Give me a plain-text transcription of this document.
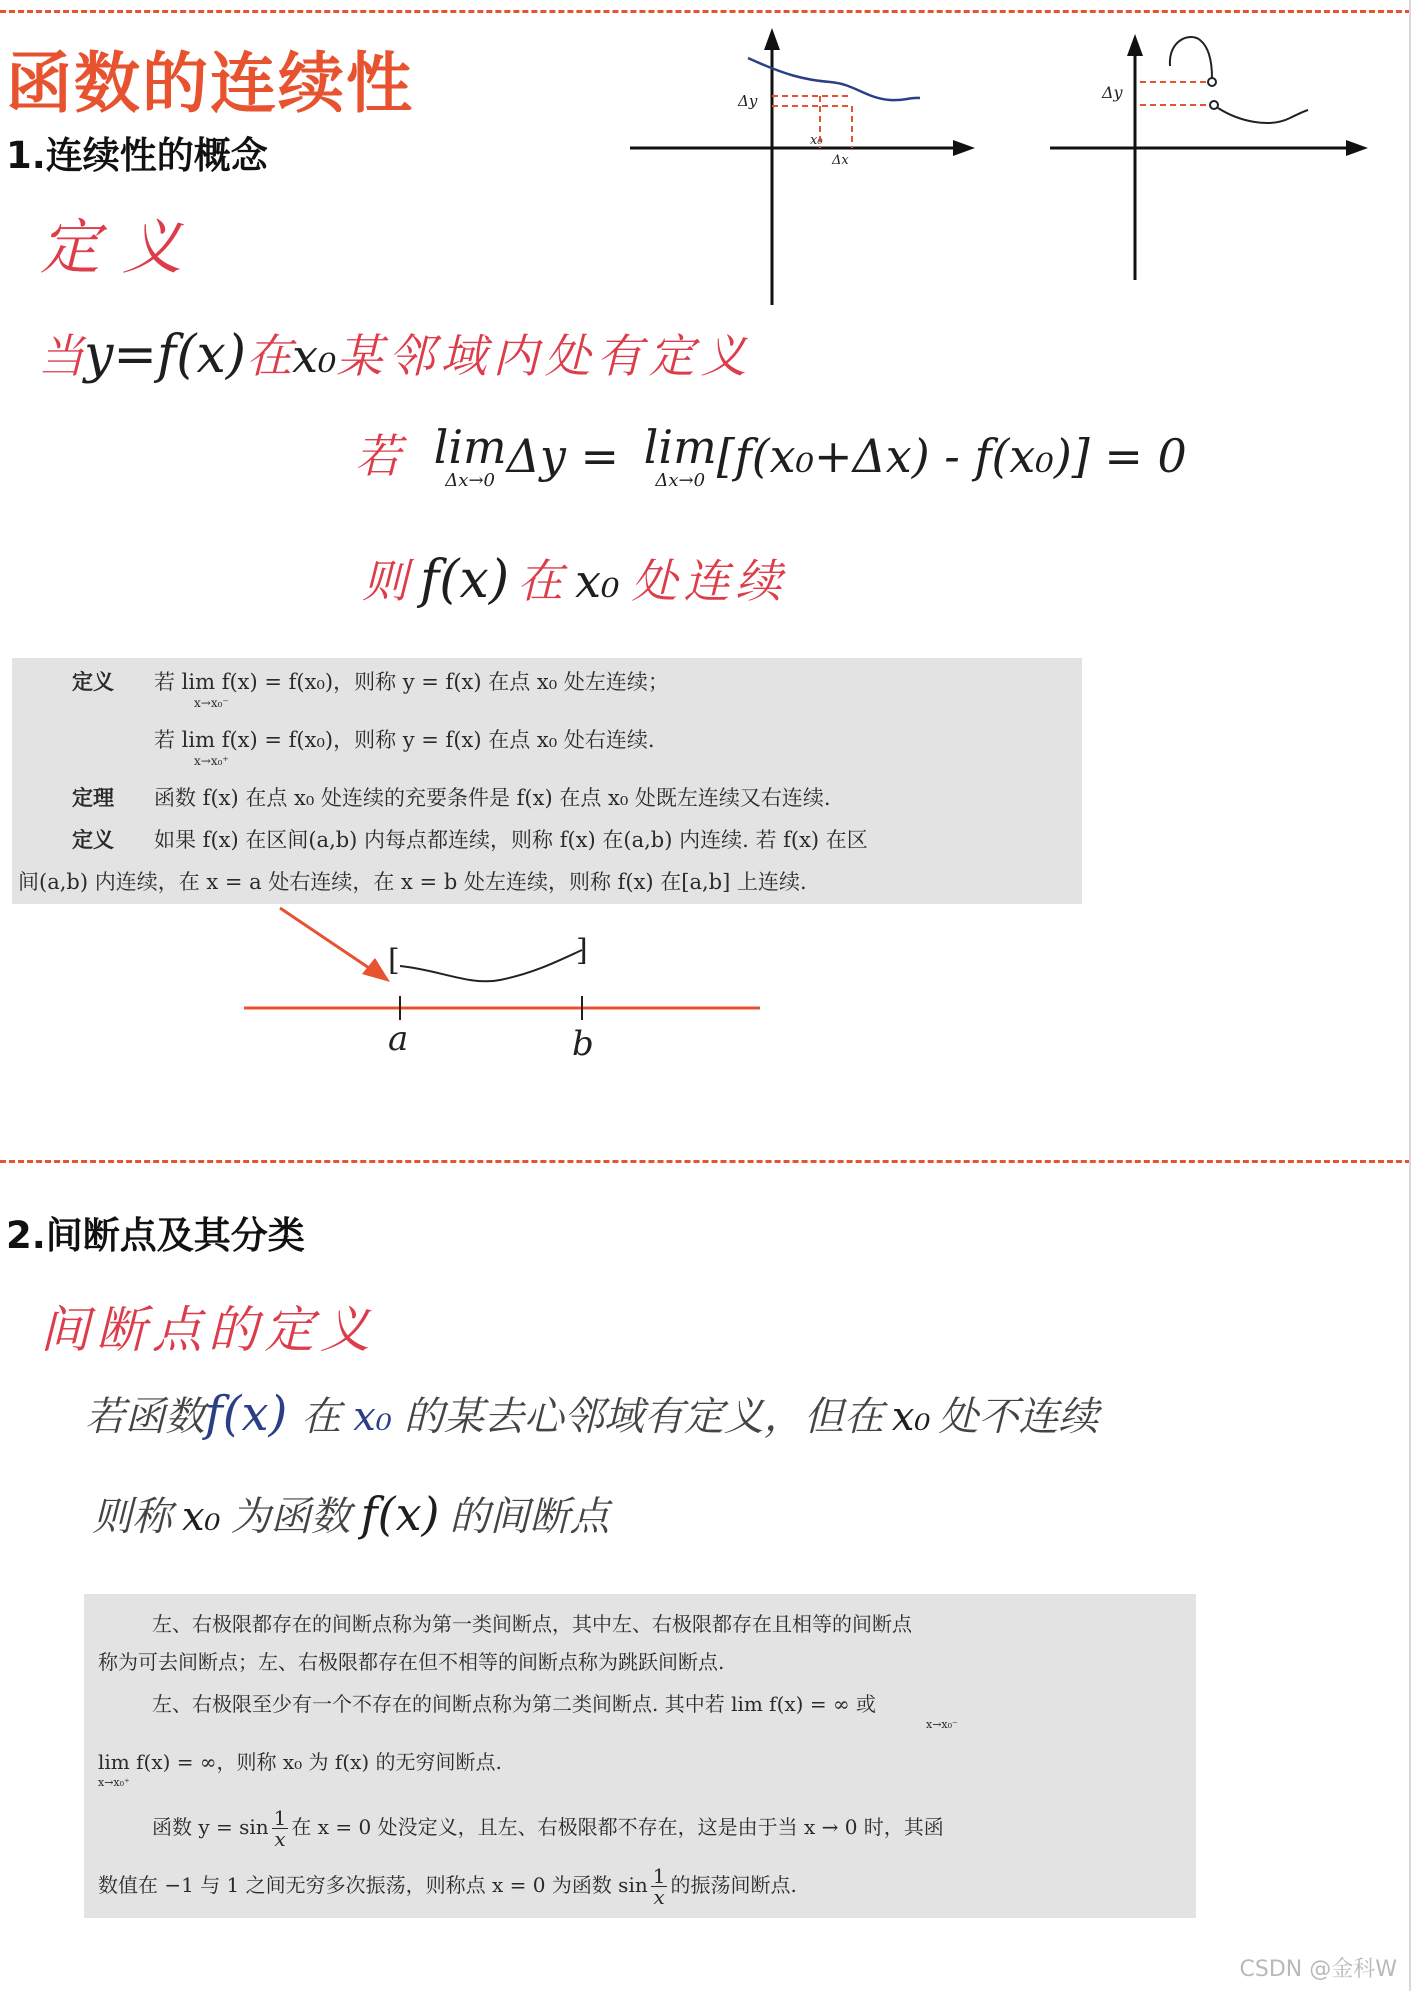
函数的连续性
1.连续性的概念
Δy
x₀
Δx
Δy
定义
当y=f(x)在x₀某邻域内处有定义
若 lim
Δx→0 Δy = lim
Δx→0 [f(x₀+Δx) - f(x₀)] = 0
则 f(x) 在 x₀ 处连续
定义 若 lim f(x) = f(x₀)，则称 y = f(x) 在点 x₀ 处左连续；
x→x₀⁻
若 lim f(x) = f(x₀)，则称 y = f(x) 在点 x₀ 处右连续.
x→x₀⁺
定理 函数 f(x) 在点 x₀ 处连续的充要条件是 f(x) 在点 x₀ 处既左连续又右连续.
定义 如果 f(x) 在区间(a,b) 内每点都连续，则称 f(x) 在(a,b) 内连续. 若 f(x) 在区
间(a,b) 内连续，在 x = a 处右连续，在 x = b 处左连续，则称 f(x) 在[a,b] 上连续.
[	]
a	b
2.间断点及其分类
间断点的定义
若函数f(x) 在 x₀ 的某去心邻域有定义，但在 x₀ 处不连续
则称 x₀ 为函数 f(x) 的间断点
左、右极限都存在的间断点称为第一类间断点，其中左、右极限都存在且相等的间断点
称为可去间断点；左、右极限都存在但不相等的间断点称为跳跃间断点.
左、右极限至少有一个不存在的间断点称为第二类间断点. 其中若 lim f(x) = ∞ 或
x→x₀⁻
lim f(x) = ∞，则称 x₀ 为 f(x) 的无穷间断点.
x→x₀⁺
函数 $y = \sin \frac{1}{x}$ 在 x = 0 处没定义，且左、右极限都不存在，这是由于当 x → 0 时，其函
数值在 −1 与 1 之间无穷多次振荡，则称点 x = 0 为函数 $\sin \frac{1}{x}$ 的振荡间断点.
CSDN @金科W
